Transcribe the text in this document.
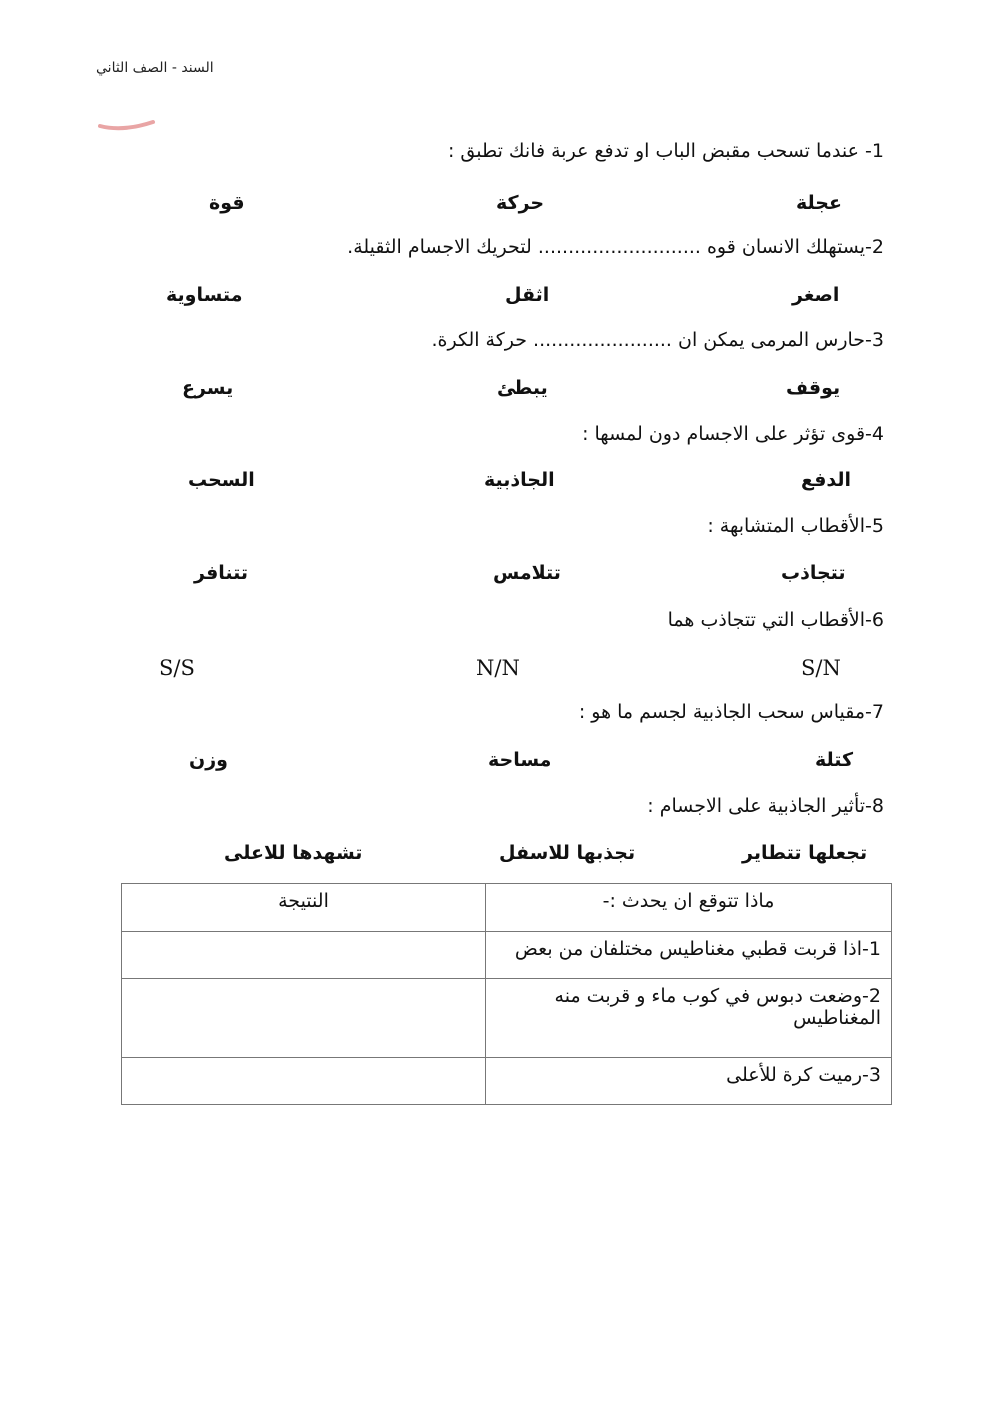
السند - الصف الثاني
1- عندما تسحب مقبض الباب او تدفع عربة فانك تطبق :
عجلة
حركة
قوة
2-يستهلك الانسان قوه ........................... لتحريك الاجسام الثقيلة.
اصغر
اثقل
متساوية
3-حارس المرمى يمكن ان ....................... حركة الكرة.
يوقف
يبطئ
يسرع
4-قوى تؤثر على الاجسام دون لمسها :
الدفع
الجاذبية
السحب
5-الأقطاب المتشابهة :
تتجاذب
تتلامس
تتنافر
6-الأقطاب التي تتجاذب هما
S/N
N/N
S/S
7-مقياس سحب الجاذبية لجسم ما هو :
كتلة
مساحة
وزن
8-تأثير الجاذبية على الاجسام :
تجعلها تتطاير
تجذبها للاسفل
تشهدها للاعلى
ماذا تتوقع ان يحدث :-	النتيجة
1-اذا قربت قطبي مغناطيس مختلفان من بعض	
2-وضعت دبوس في كوب ماء و قربت منه المغناطيس	
3-رميت كرة للأعلى	
